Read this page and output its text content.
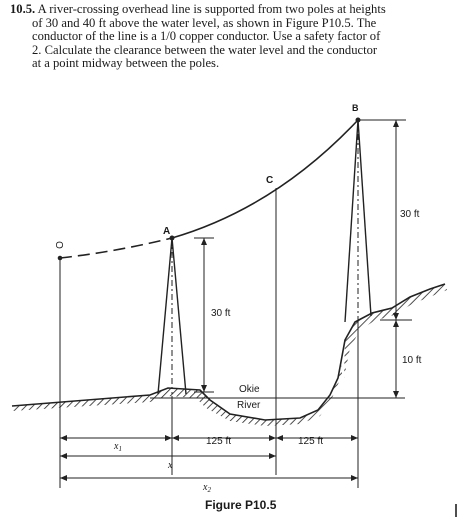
10.5. A river-crossing overhead line is supported from two poles at heights
of 30 and 40 ft above the water level, as shown in Figure P10.5. The
conductor of the line is a 1/0 copper conductor. Use a safety factor of
2. Calculate the clearance between the water level and the conductor
at a point midway between the poles.
O
A
B
C
30 ft
30 ft
10 ft
Okie
River
125 ft	125 ft
x1
x
x2
Figure P10.5
